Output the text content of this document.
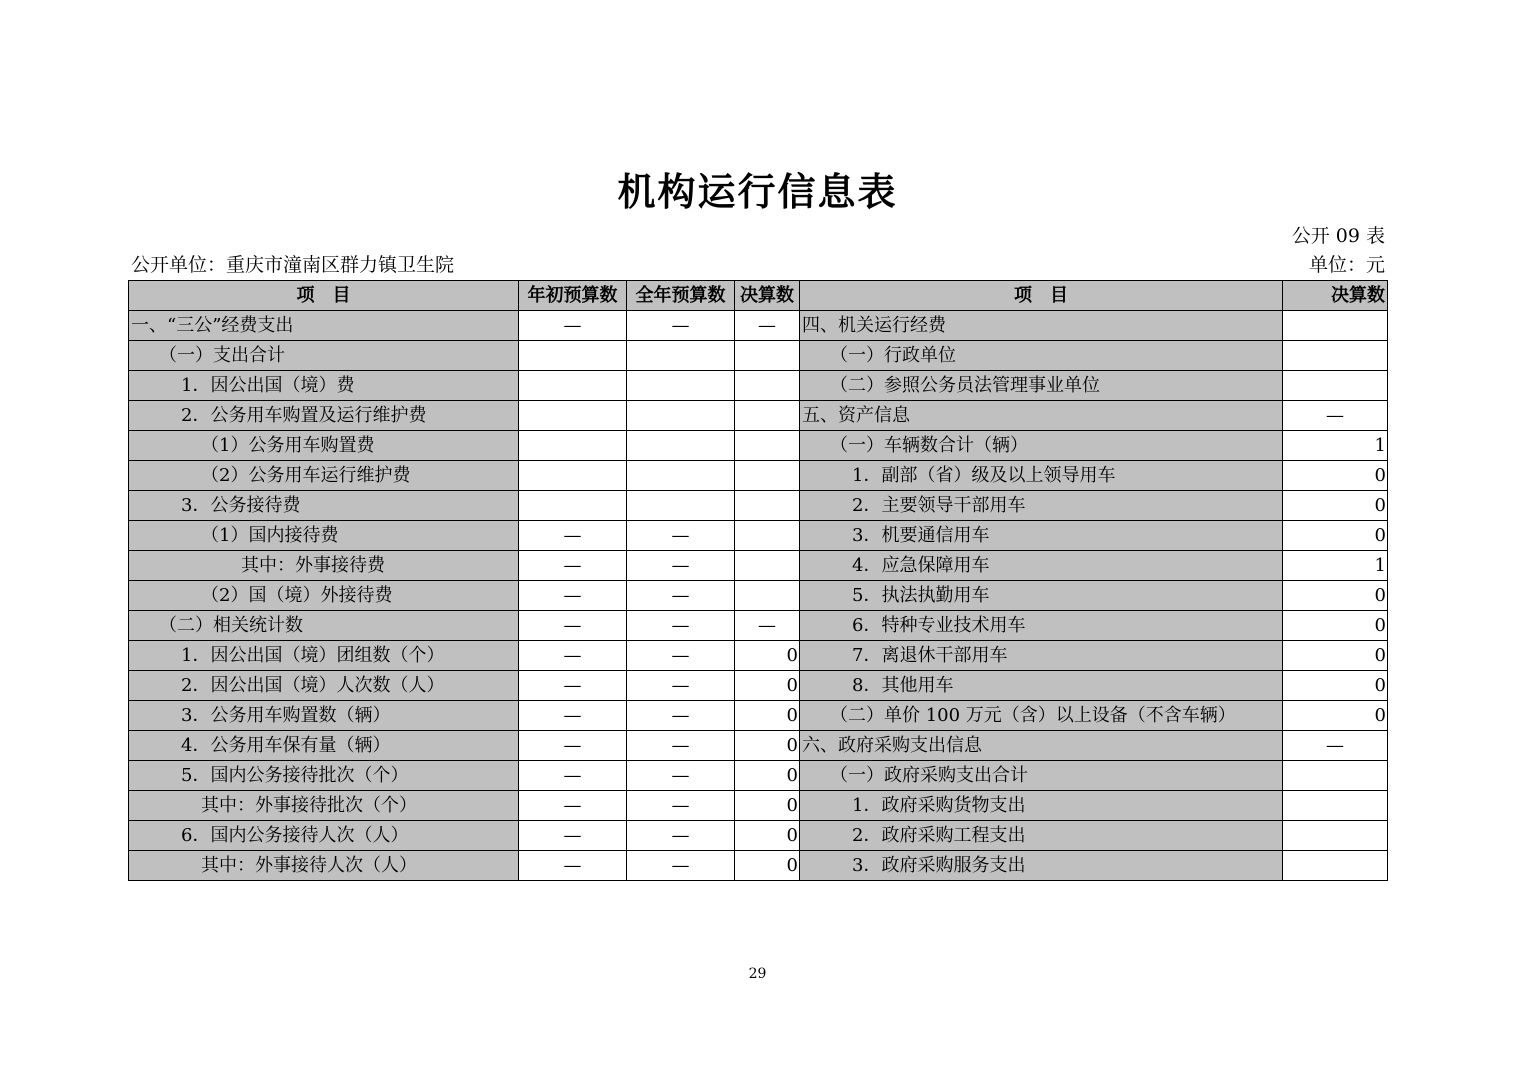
机构运行信息表
公开 09 表
公开单位：重庆市潼南区群力镇卫生院	单位：元
项　目	年初预算数	全年预算数	决算数	项　目	决算数
一、“三公”经费支出	—	—	—	四、机关运行经费	
（一）支出合计				（一）行政单位	
1．因公出国（境）费				（二）参照公务员法管理事业单位	
2．公务用车购置及运行维护费				五、资产信息	—
（1）公务用车购置费				（一）车辆数合计（辆）	1
（2）公务用车运行维护费				1．副部（省）级及以上领导用车	0
3．公务接待费				2．主要领导干部用车	0
（1）国内接待费	—	—		3．机要通信用车	0
其中：外事接待费	—	—		4．应急保障用车	1
（2）国（境）外接待费	—	—		5．执法执勤用车	0
（二）相关统计数	—	—	—	6．特种专业技术用车	0
1．因公出国（境）团组数（个）	—	—	0	7．离退休干部用车	0
2．因公出国（境）人次数（人）	—	—	0	8．其他用车	0
3．公务用车购置数（辆）	—	—	0	（二）单价 100 万元（含）以上设备（不含车辆）	0
4．公务用车保有量（辆）	—	—	0	六、政府采购支出信息	—
5．国内公务接待批次（个）	—	—	0	（一）政府采购支出合计	
其中：外事接待批次（个）	—	—	0	1．政府采购货物支出	
6．国内公务接待人次（人）	—	—	0	2．政府采购工程支出	
其中：外事接待人次（人）	—	—	0	3．政府采购服务支出	
29
